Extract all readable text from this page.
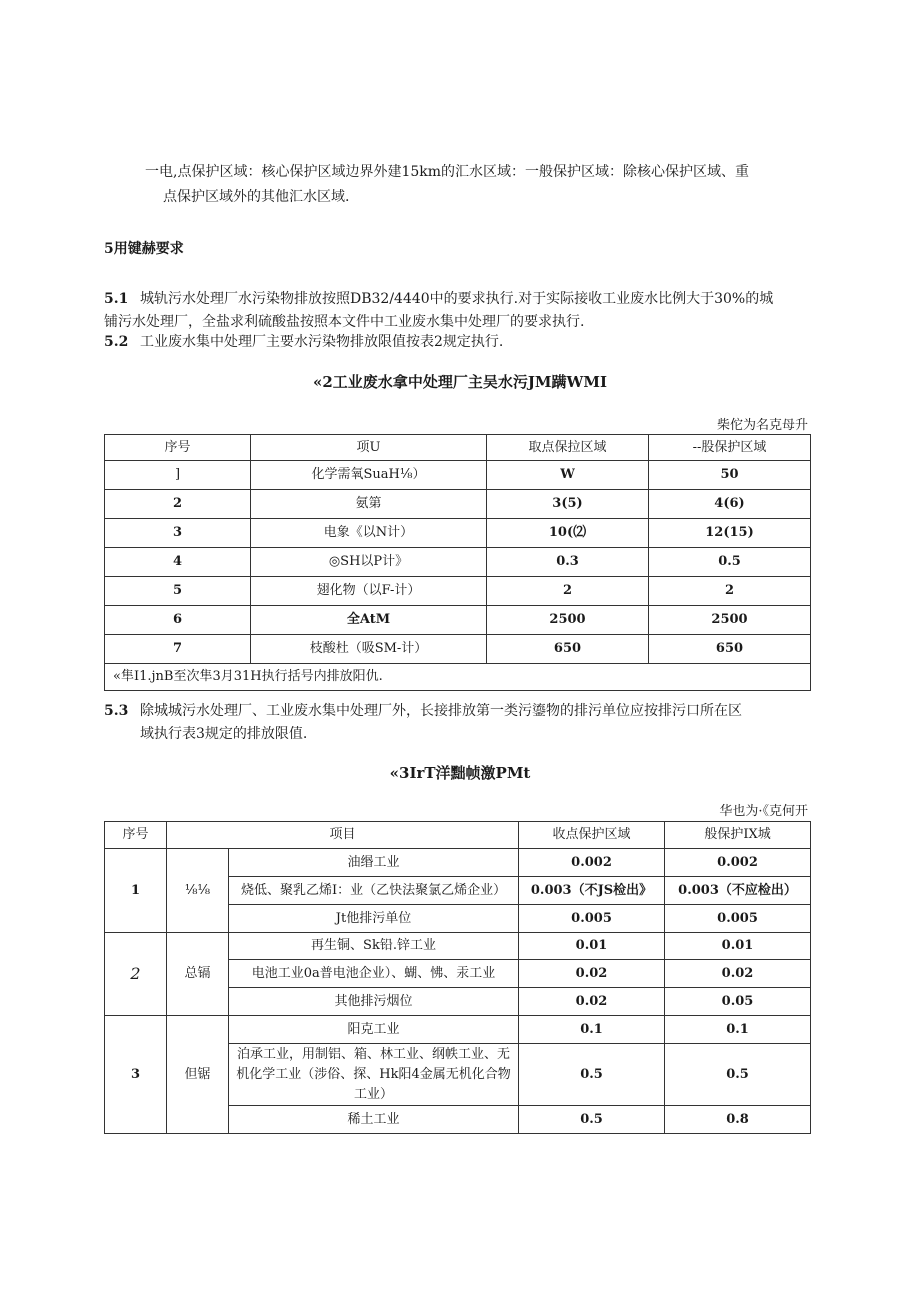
一电,点保护区域：核心保护区域边界外建15km的汇水区域：一般保护区域：除核心保护区域、重
点保护区域外的其他汇水区域.
5用键赫要求
5.1 城轨污水处理厂水污染物排放按照DB32/4440中的要求执行.对于实际接收工业废水比例大于30%的城
铺污水处理厂，全盐求利硫酸盐按照本文件中工业废水集中处理厂的要求执行.
5.2 工业废水集中处理厂主要水污染物排放限值按表2规定执行.
«2工业废水拿中处理厂主吴水污JM蹒WMI
柴佗为名克母升
序号	项U	取点保拉区域	--股保护区域
]	化学需氧SuaH⅛）	W	50
2	氨第	3(5)	4(6)
3	电象《以N计）	10(⑵	12(15)
4	◎SH以P计》	0.3	0.5
5	翅化物（以F-计）	2	2
6	全AtM	2500	2500
7	枝酸杜（吸SM-计）	650	650
«隼I1.jnB至次隼3月31H执行括号内排放阳仇.			
5.3 除城城污水处理厂、工业废水集中处理厂外，长接排放第一类污鎏物的排污单位应按排污口所在区
域执行表3规定的排放限值.
«3IrT洋黜帧激PMt
华也为·《克何开
序号	项目		收点保护区域	般保护IX城
1	⅛⅛	油缗工业	0.002	0.002
		烧低、聚乳乙烯I：业（乙快法聚氯乙烯企业）	0.003（不JS检出》	0.003（不应检出）
		Jt他排污单位	0.005	0.005
2	总镉	再生铜、Sk铅.锌工业	0.01	0.01
		电池工业0a普电池企业）、蝴、怫、汞工业	0.02	0.02
		其他排污烟位	0.02	0.05
3	但锯	阳克工业	0.1	0.1
		泊承工业，用制铝、箱、林工业、纲帙工业、无机化学工业（涉俗、探、Hk阳4金属无机化合物工业）	0.5	0.5
		稀土工业	0.5	0.8
